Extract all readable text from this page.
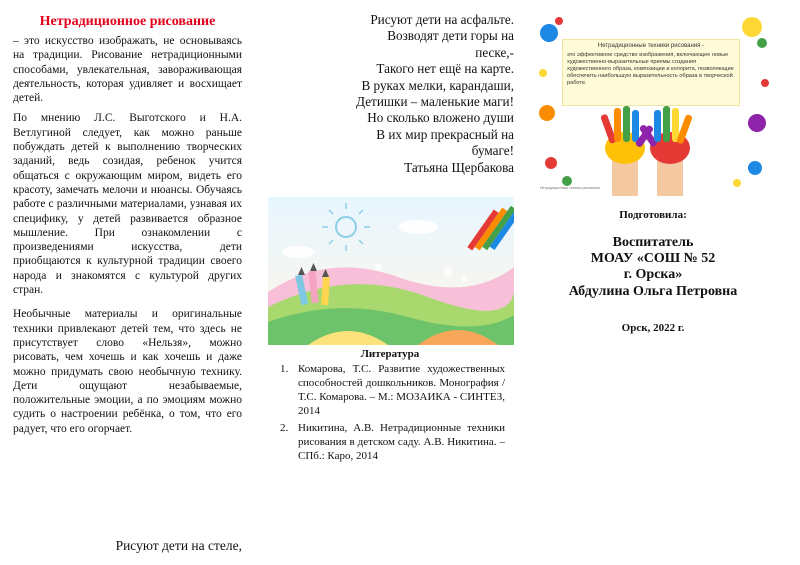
Нетрадиционное рисование

– это искусство изображать, не основываясь на традиции. Рисование нетрадиционными способами, увлекательная, завораживающая деятельность, которая удивляет и восхищает детей.

По мнению Л.С. Выготского и Н.А. Ветлугиной следует, как можно раньше побуждать детей к выполнению творческих заданий, ведь созидая, ребенок учится общаться с окружающим миром, видеть его красоту, замечать мелочи и нюансы. Обучаясь работе с различными материалами, узнавая их специфику, у детей развивается образное мышление. При ознакомлении с произведениями искусства, дети приобщаются к культурной традиции своего народа и знакомятся с культурой других стран.

Необычные материалы и оригинальные техники привлекают детей тем, что здесь не присутствует слово «Нельзя», можно рисовать, чем хочешь и как хочешь и даже можно придумать свою необычную технику. Дети ощущают незабываемые, положительные эмоции, а по эмоциям можно судить о настроении ребёнка, о том, что его радует, что его огорчает.

Рисуют дети на стеле,
Рисуют дети на асфальте.
Возводят дети горы на
песке,-
Такого нет ещё на карте.
В руках мелки, карандаши,
Детишки – маленькие маги!
Но сколько вложено души
В их мир прекрасный на
бумаге!
Татьяна Щербакова
Литература
1. Комарова, Т.С. Развитие художественных способностей дошкольников. Монография / Т.С. Комарова. – М.: МОЗАИКА - СИНТЕЗ, 2014
2. Никитина, А.В. Нетрадиционные техники рисования в детском саду. А.В. Никитина. – СПб.: Каро, 2014
Нетрадиционные техники рисования -
это эффективное средство изображения, включающее новые художественно-выразительные приемы создания художественного образа, композиции и колорита, позволяющие обеспечить наибольшую выразительность образа в творческой работе.
Нетрадиционные техники рисования
Подготовила:
Воспитатель
МОАУ «СОШ № 52
г. Орска»
Абдулина Ольга Петровна
Орск, 2022 г.
